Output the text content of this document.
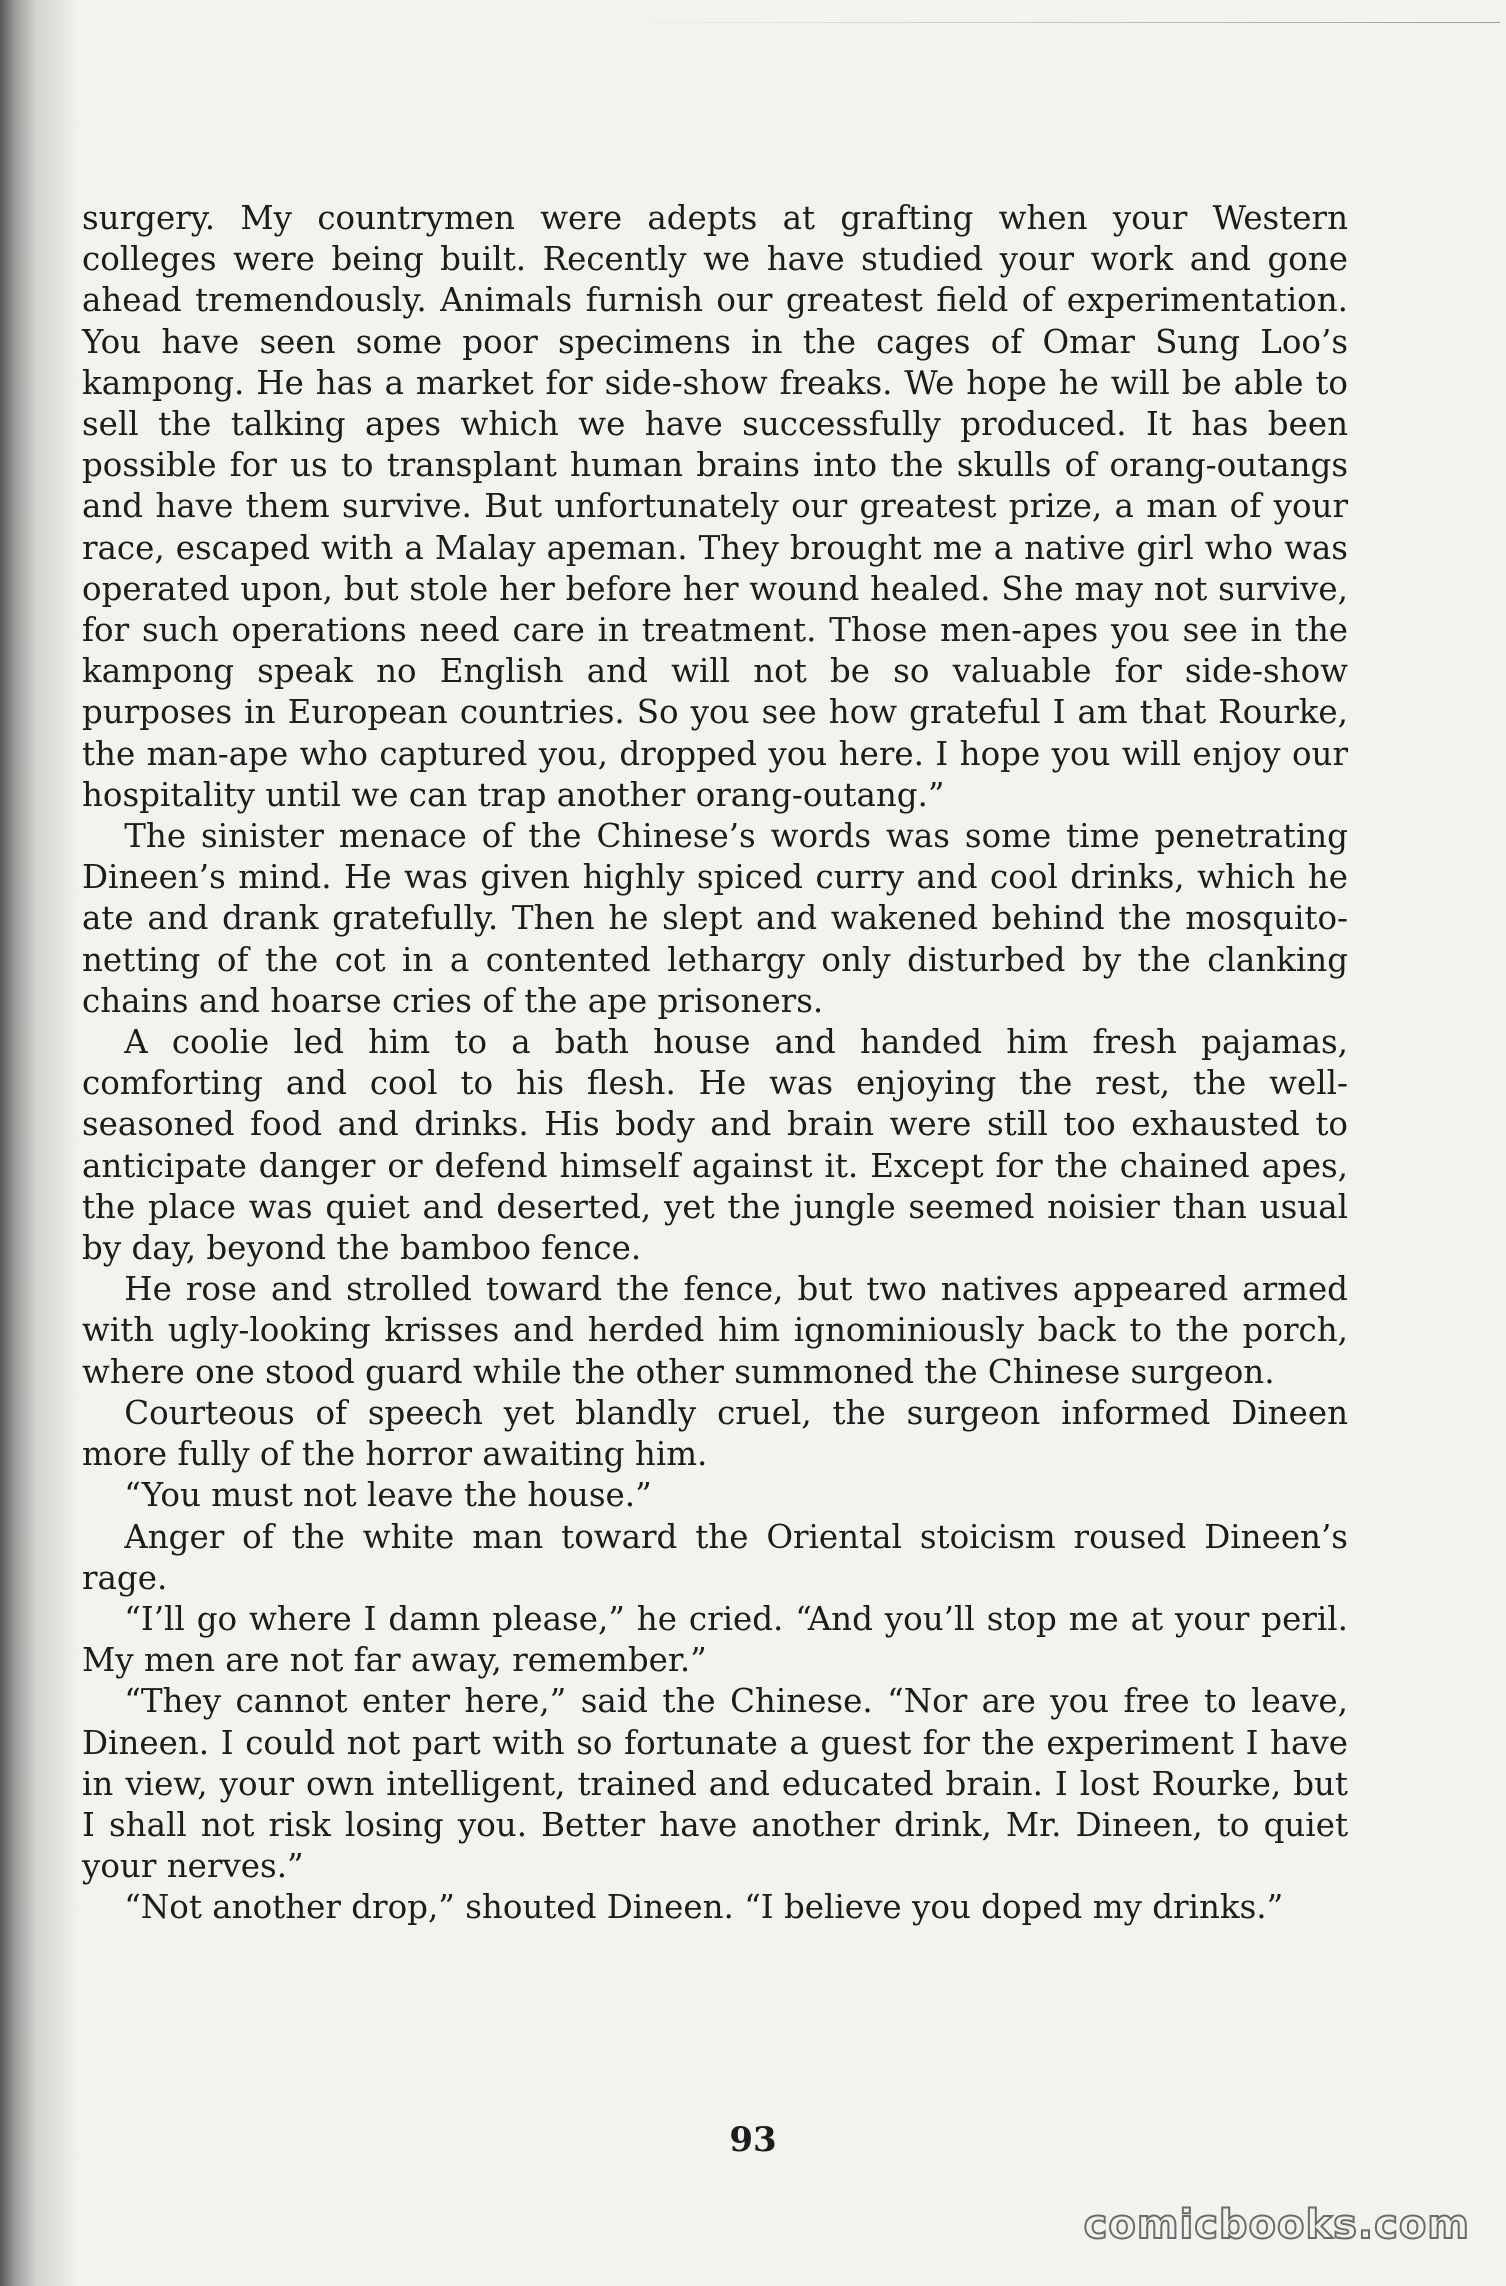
surgery. My countrymen were adepts at grafting when your Western colleges were being built. Recently we have studied your work and gone ahead tremendously. Animals furnish our greatest field of experimentation. You have seen some poor specimens in the cages of Omar Sung Loo’s kampong. He has a market for side-show freaks. We hope he will be able to sell the talking apes which we have successfully produced. It has been possible for us to transplant human brains into the skulls of orang-outangs and have them survive. But unfortunately our greatest prize, a man of your race, escaped with a Malay apeman. They brought me a native girl who was operated upon, but stole her before her wound healed. She may not survive, for such operations need care in treatment. Those men-apes you see in the kampong speak no English and will not be so valuable for side-show purposes in European countries. So you see how grateful I am that Rourke, the man-ape who captured you, dropped you here. I hope you will enjoy our hospitality until we can trap another orang-outang.”

The sinister menace of the Chinese’s words was some time penetrating Dineen’s mind. He was given highly spiced curry and cool drinks, which he ate and drank gratefully. Then he slept and wakened behind the mosquito-netting of the cot in a contented lethargy only disturbed by the clanking chains and hoarse cries of the ape prisoners.

A coolie led him to a bath house and handed him fresh pajamas, comforting and cool to his flesh. He was enjoying the rest, the well-seasoned food and drinks. His body and brain were still too exhausted to anticipate danger or defend himself against it. Except for the chained apes, the place was quiet and deserted, yet the jungle seemed noisier than usual by day, beyond the bamboo fence.

He rose and strolled toward the fence, but two natives appeared armed with ugly-looking krisses and herded him ignominiously back to the porch, where one stood guard while the other summoned the Chinese surgeon.

Courteous of speech yet blandly cruel, the surgeon informed Dineen more fully of the horror awaiting him.

“You must not leave the house.”

Anger of the white man toward the Oriental stoicism roused Dineen’s rage.

“I’ll go where I damn please,” he cried. “And you’ll stop me at your peril. My men are not far away, remember.”

“They cannot enter here,” said the Chinese. “Nor are you free to leave, Dineen. I could not part with so fortunate a guest for the experiment I have in view, your own intelligent, trained and educated brain. I lost Rourke, but I shall not risk losing you. Better have another drink, Mr. Dineen, to quiet your nerves.”

“Not another drop,” shouted Dineen. “I believe you doped my drinks.”

93
comicbooks.com
